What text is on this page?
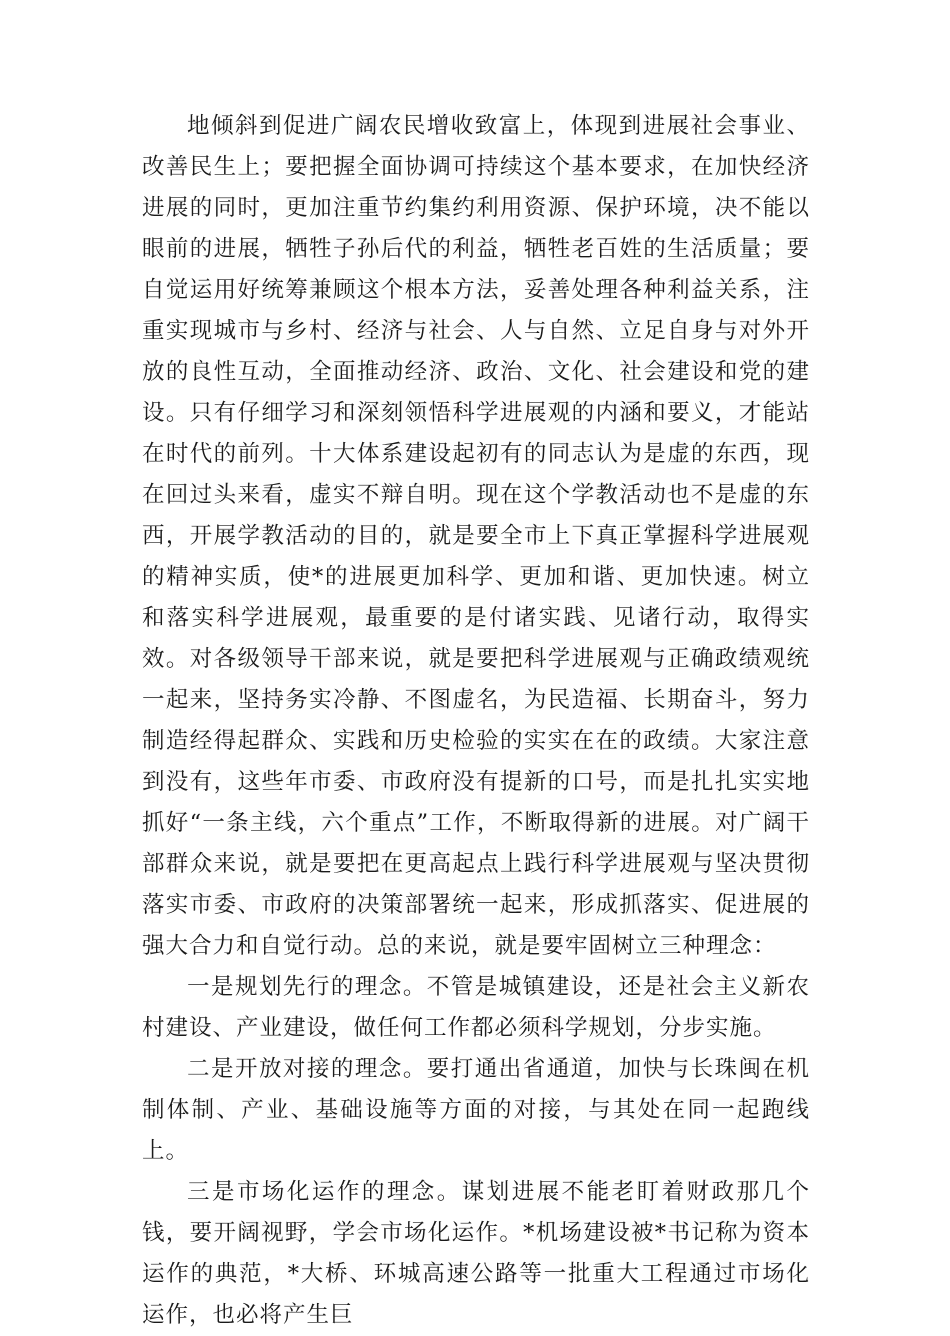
地倾斜到促进广阔农民增收致富上，体现到进展社会事业、改善民生上；要把握全面协调可持续这个基本要求，在加快经济进展的同时，更加注重节约集约利用资源、保护环境，决不能以眼前的进展，牺牲子孙后代的利益，牺牲老百姓的生活质量；要自觉运用好统筹兼顾这个根本方法，妥善处理各种利益关系，注重实现城市与乡村、经济与社会、人与自然、立足自身与对外开放的良性互动，全面推动经济、政治、文化、社会建设和党的建设。只有仔细学习和深刻领悟科学进展观的内涵和要义，才能站在时代的前列。十大体系建设起初有的同志认为是虚的东西，现在回过头来看，虚实不辩自明。现在这个学教活动也不是虚的东西，开展学教活动的目的，就是要全市上下真正掌握科学进展观的精神实质，使*的进展更加科学、更加和谐、更加快速。树立和落实科学进展观，最重要的是付诸实践、见诸行动，取得实效。对各级领导干部来说，就是要把科学进展观与正确政绩观统一起来，坚持务实冷静、不图虚名，为民造福、长期奋斗，努力制造经得起群众、实践和历史检验的实实在在的政绩。大家注意到没有，这些年市委、市政府没有提新的口号，而是扎扎实实地抓好“一条主线，六个重点”工作，不断取得新的进展。对广阔干部群众来说，就是要把在更高起点上践行科学进展观与坚决贯彻落实市委、市政府的决策部署统一起来，形成抓落实、促进展的强大合力和自觉行动。总的来说，就是要牢固树立三种理念：

一是规划先行的理念。不管是城镇建设，还是社会主义新农村建设、产业建设，做任何工作都必须科学规划，分步实施。

二是开放对接的理念。要打通出省通道，加快与长珠闽在机制体制、产业、基础设施等方面的对接，与其处在同一起跑线上。

三是市场化运作的理念。谋划进展不能老盯着财政那几个钱，要开阔视野，学会市场化运作。*机场建设被*书记称为资本运作的典范，*大桥、环城高速公路等一批重大工程通过市场化运作，也必将产生巨
